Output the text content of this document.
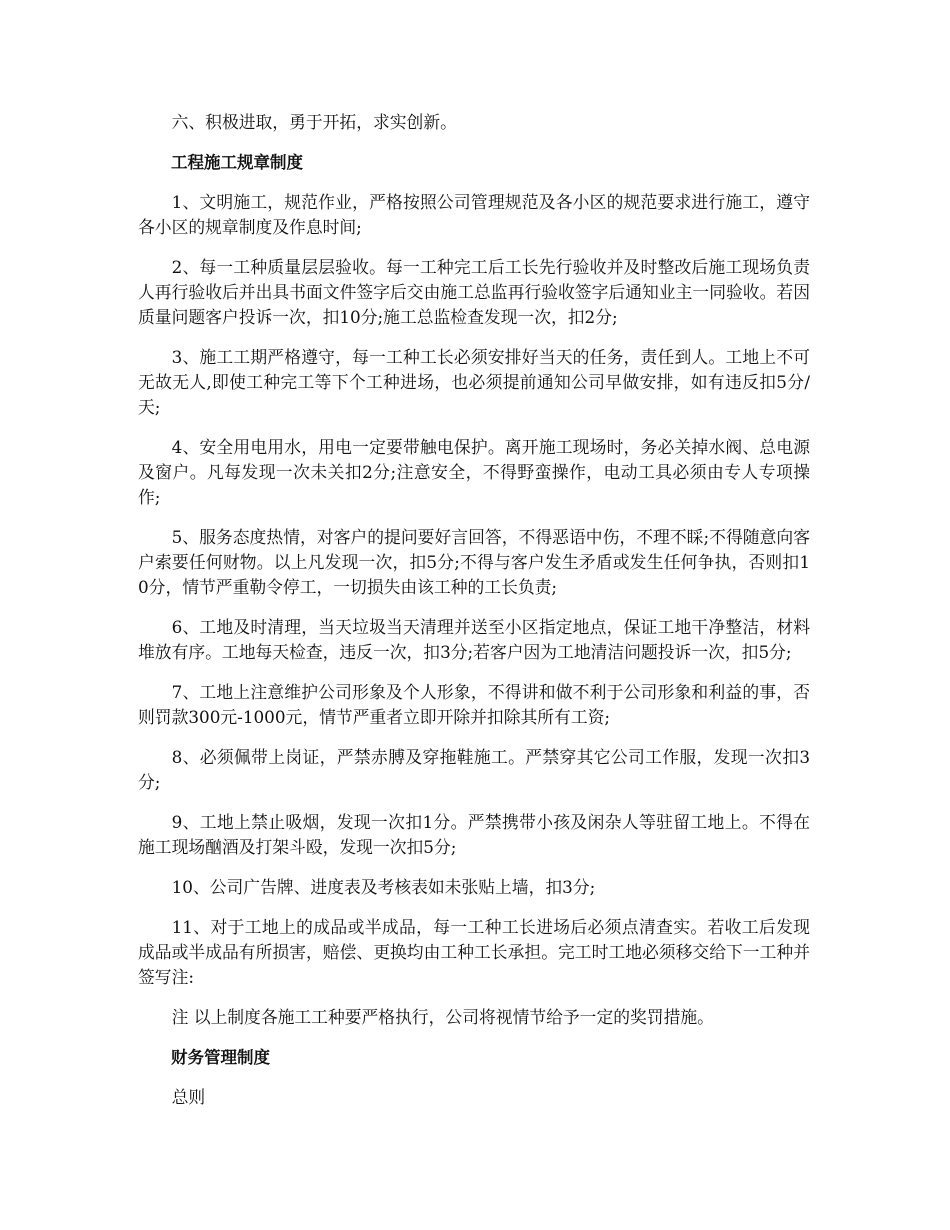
六、积极进取，勇于开拓，求实创新。

工程施工规章制度

1、文明施工，规范作业，严格按照公司管理规范及各小区的规范要求进行施工，遵守各小区的规章制度及作息时间;

2、每一工种质量层层验收。每一工种完工后工长先行验收并及时整改后施工现场负责人再行验收后并出具书面文件签字后交由施工总监再行验收签字后通知业主一同验收。若因质量问题客户投诉一次，扣10分;施工总监检查发现一次，扣2分;

3、施工工期严格遵守，每一工种工长必须安排好当天的任务，责任到人。工地上不可无故无人,即使工种完工等下个工种进场，也必须提前通知公司早做安排，如有违反扣5分/天;

4、安全用电用水，用电一定要带触电保护。离开施工现场时，务必关掉水阀、总电源及窗户。凡每发现一次未关扣2分;注意安全，不得野蛮操作，电动工具必须由专人专项操作;

5、服务态度热情，对客户的提问要好言回答，不得恶语中伤，不理不睬;不得随意向客户索要任何财物。以上凡发现一次，扣5分;不得与客户发生矛盾或发生任何争执，否则扣10分，情节严重勒令停工，一切损失由该工种的工长负责;

6、工地及时清理，当天垃圾当天清理并送至小区指定地点，保证工地干净整洁，材料堆放有序。工地每天检查，违反一次，扣3分;若客户因为工地清洁问题投诉一次，扣5分;

7、工地上注意维护公司形象及个人形象，不得讲和做不利于公司形象和利益的事，否则罚款300元-1000元，情节严重者立即开除并扣除其所有工资;

8、必须佩带上岗证，严禁赤膊及穿拖鞋施工。严禁穿其它公司工作服，发现一次扣3分;

9、工地上禁止吸烟，发现一次扣1分。严禁携带小孩及闲杂人等驻留工地上。不得在施工现场酗酒及打架斗殴，发现一次扣5分;

10、公司广告牌、进度表及考核表如未张贴上墙，扣3分;

11、对于工地上的成品或半成品，每一工种工长进场后必须点清查实。若收工后发现成品或半成品有所损害，赔偿、更换均由工种工长承担。完工时工地必须移交给下一工种并签写注:

注 以上制度各施工工种要严格执行，公司将视情节给予一定的奖罚措施。

财务管理制度

总则
